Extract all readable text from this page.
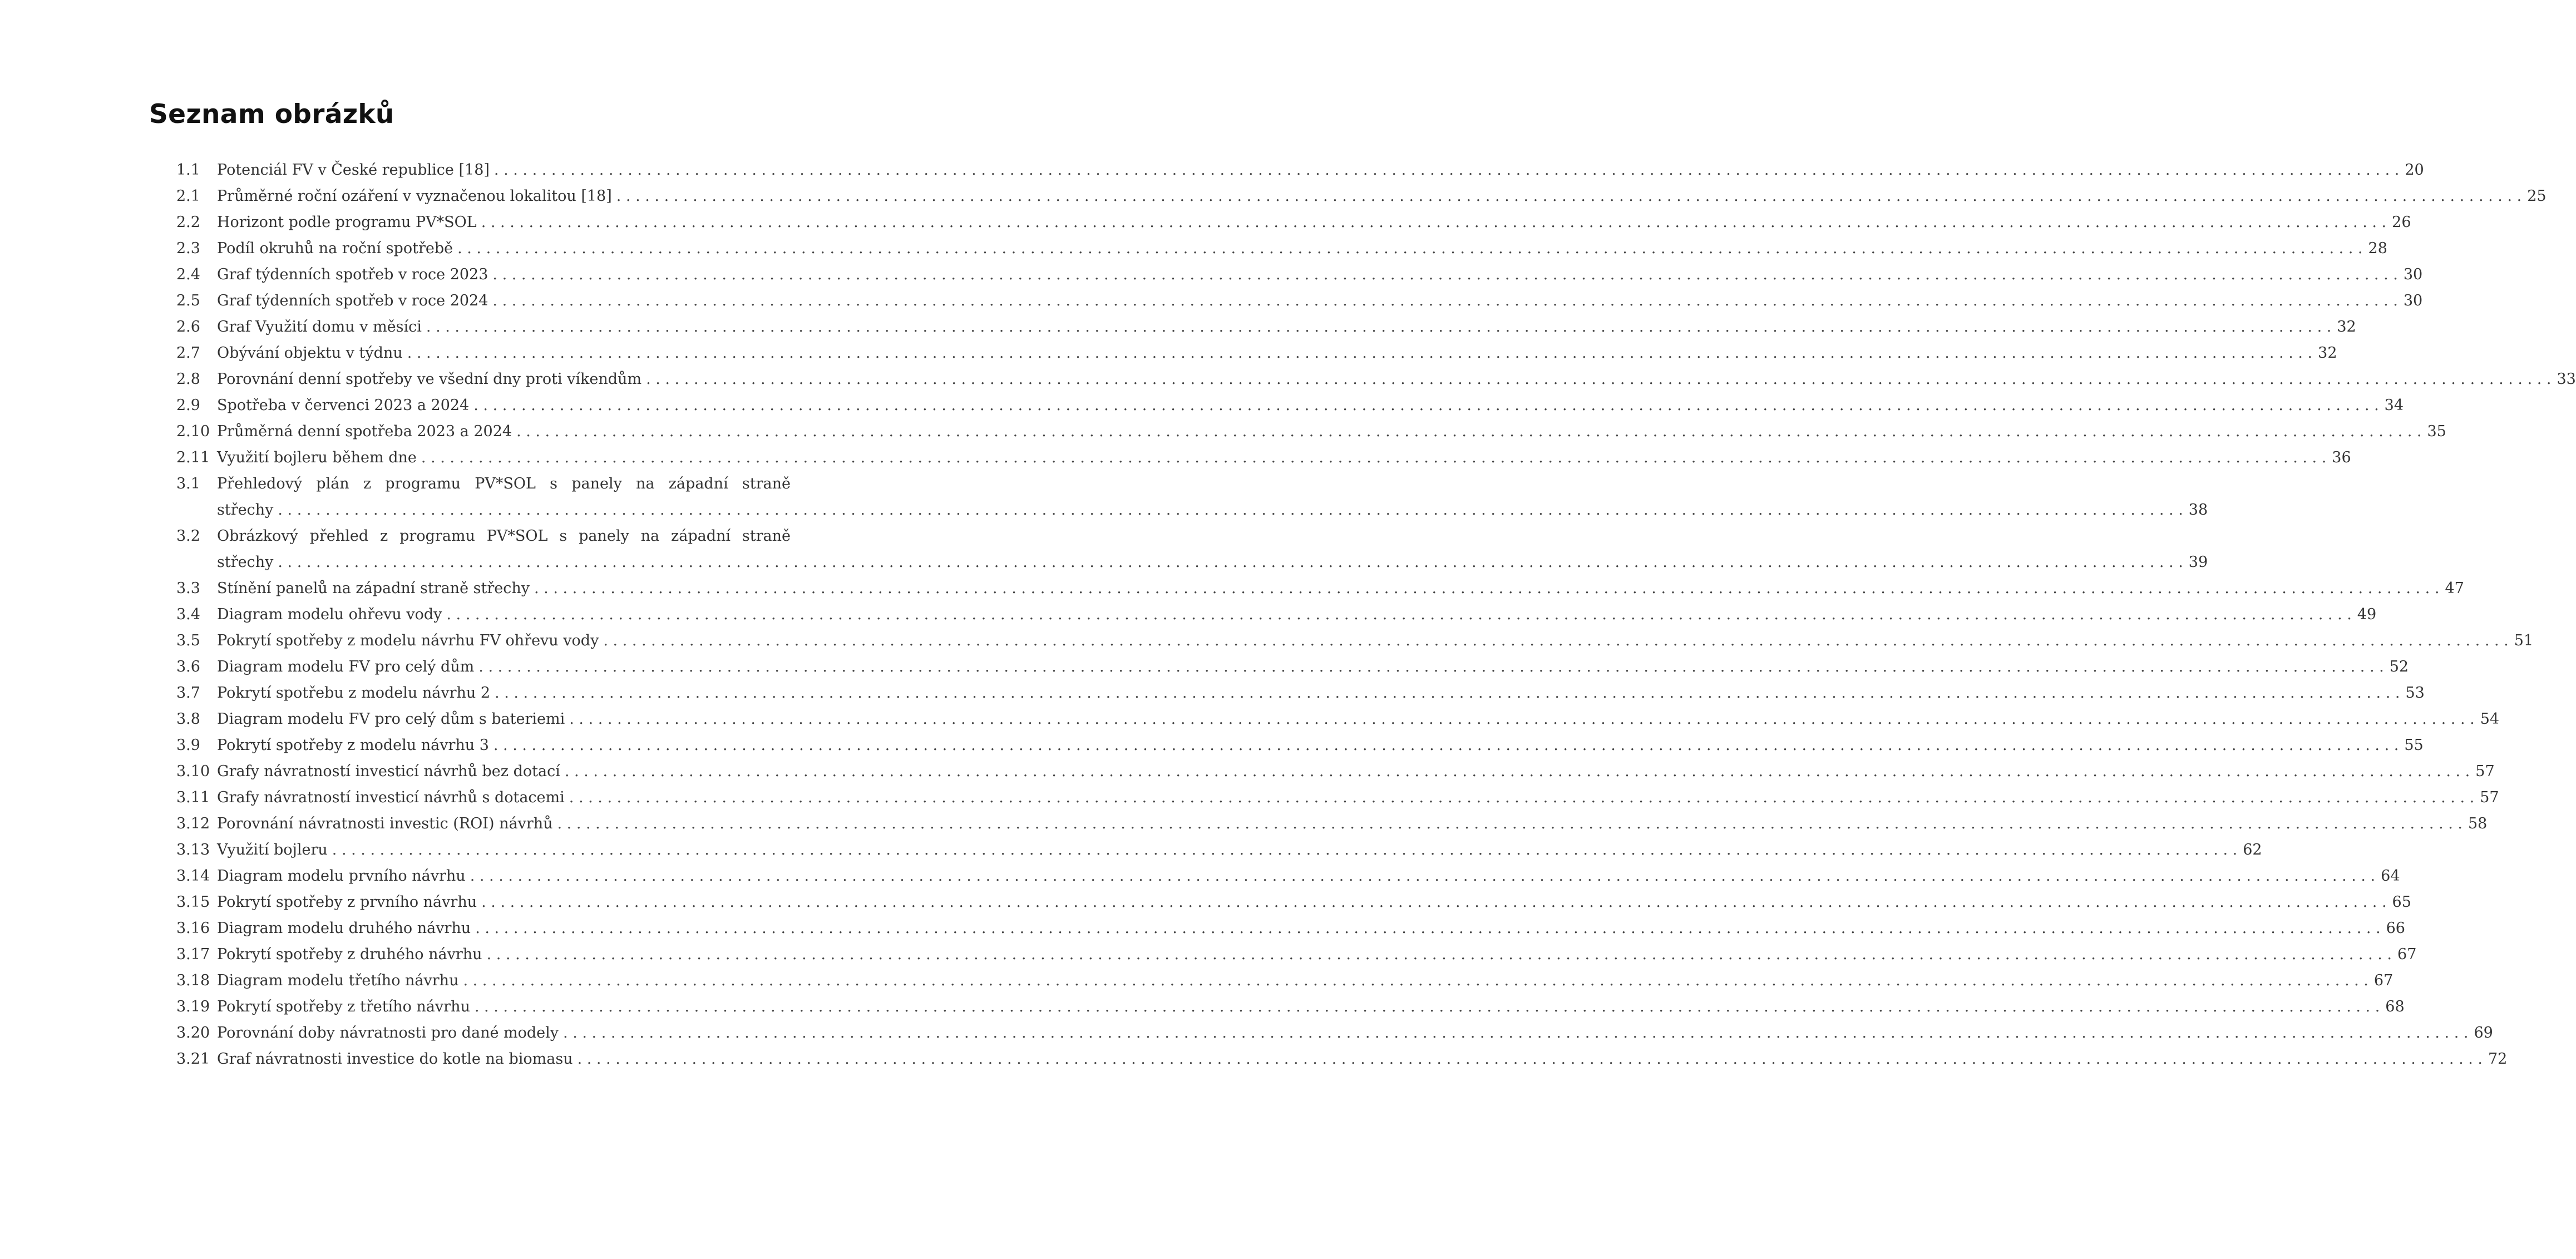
Seznam obrázků
1.1 Potenciál FV v České republice [18] . . . . . . . . . . . . . . . . . . . . . . . . . . . . . . . . . . . . . . . . . . . . . . . . . . . . . . . . . . . . . . . . . . . . . . . . . . . . . . . . . . . . . . . . . . . . . . . . . . . . . . . . . . . . . . . . . . . . . . . . . . . . . . . . . . . . . . . . . . . . . . . . . . . . . . . . . . . . . . . . . . . . . . . . . . . . . . . . . . . . . . . . . . . . . . . . . . . . . . . . 20
2.1 Průměrné roční ozáření v vyznačenou lokalitou [18] . . . . . . . . . . . . . . . . . . . . . . . . . . . . . . . . . . . . . . . . . . . . . . . . . . . . . . . . . . . . . . . . . . . . . . . . . . . . . . . . . . . . . . . . . . . . . . . . . . . . . . . . . . . . . . . . . . . . . . . . . . . . . . . . . . . . . . . . . . . . . . . . . . . . . . . . . . . . . . . . . . . . . . . . . . . . . . . . . . . . . . . . . . . . . . . . . . . . . . . . 25
2.2 Horizont podle programu PV*SOL . . . . . . . . . . . . . . . . . . . . . . . . . . . . . . . . . . . . . . . . . . . . . . . . . . . . . . . . . . . . . . . . . . . . . . . . . . . . . . . . . . . . . . . . . . . . . . . . . . . . . . . . . . . . . . . . . . . . . . . . . . . . . . . . . . . . . . . . . . . . . . . . . . . . . . . . . . . . . . . . . . . . . . . . . . . . . . . . . . . . . . . . . . . . . . . . . . . . . . . . 26
2.3 Podíl okruhů na roční spotřebě . . . . . . . . . . . . . . . . . . . . . . . . . . . . . . . . . . . . . . . . . . . . . . . . . . . . . . . . . . . . . . . . . . . . . . . . . . . . . . . . . . . . . . . . . . . . . . . . . . . . . . . . . . . . . . . . . . . . . . . . . . . . . . . . . . . . . . . . . . . . . . . . . . . . . . . . . . . . . . . . . . . . . . . . . . . . . . . . . . . . . . . . . . . . . . . . . . . . . . . . 28
2.4 Graf týdenních spotřeb v roce 2023 . . . . . . . . . . . . . . . . . . . . . . . . . . . . . . . . . . . . . . . . . . . . . . . . . . . . . . . . . . . . . . . . . . . . . . . . . . . . . . . . . . . . . . . . . . . . . . . . . . . . . . . . . . . . . . . . . . . . . . . . . . . . . . . . . . . . . . . . . . . . . . . . . . . . . . . . . . . . . . . . . . . . . . . . . . . . . . . . . . . . . . . . . . . . . . . . . . . . . . . . 30
2.5 Graf týdenních spotřeb v roce 2024 . . . . . . . . . . . . . . . . . . . . . . . . . . . . . . . . . . . . . . . . . . . . . . . . . . . . . . . . . . . . . . . . . . . . . . . . . . . . . . . . . . . . . . . . . . . . . . . . . . . . . . . . . . . . . . . . . . . . . . . . . . . . . . . . . . . . . . . . . . . . . . . . . . . . . . . . . . . . . . . . . . . . . . . . . . . . . . . . . . . . . . . . . . . . . . . . . . . . . . . . 30
2.6 Graf Využití domu v měsíci . . . . . . . . . . . . . . . . . . . . . . . . . . . . . . . . . . . . . . . . . . . . . . . . . . . . . . . . . . . . . . . . . . . . . . . . . . . . . . . . . . . . . . . . . . . . . . . . . . . . . . . . . . . . . . . . . . . . . . . . . . . . . . . . . . . . . . . . . . . . . . . . . . . . . . . . . . . . . . . . . . . . . . . . . . . . . . . . . . . . . . . . . . . . . . . . . . . . . . . . 32
2.7 Obývání objektu v týdnu . . . . . . . . . . . . . . . . . . . . . . . . . . . . . . . . . . . . . . . . . . . . . . . . . . . . . . . . . . . . . . . . . . . . . . . . . . . . . . . . . . . . . . . . . . . . . . . . . . . . . . . . . . . . . . . . . . . . . . . . . . . . . . . . . . . . . . . . . . . . . . . . . . . . . . . . . . . . . . . . . . . . . . . . . . . . . . . . . . . . . . . . . . . . . . . . . . . . . . . . 32
2.8 Porovnání denní spotřeby ve všední dny proti víkendům . . . . . . . . . . . . . . . . . . . . . . . . . . . . . . . . . . . . . . . . . . . . . . . . . . . . . . . . . . . . . . . . . . . . . . . . . . . . . . . . . . . . . . . . . . . . . . . . . . . . . . . . . . . . . . . . . . . . . . . . . . . . . . . . . . . . . . . . . . . . . . . . . . . . . . . . . . . . . . . . . . . . . . . . . . . . . . . . . . . . . . . . . . . . . . . . . . . . . . . . 33
2.9 Spotřeba v červenci 2023 a 2024 . . . . . . . . . . . . . . . . . . . . . . . . . . . . . . . . . . . . . . . . . . . . . . . . . . . . . . . . . . . . . . . . . . . . . . . . . . . . . . . . . . . . . . . . . . . . . . . . . . . . . . . . . . . . . . . . . . . . . . . . . . . . . . . . . . . . . . . . . . . . . . . . . . . . . . . . . . . . . . . . . . . . . . . . . . . . . . . . . . . . . . . . . . . . . . . . . . . . . . . . 34
2.10 Průměrná denní spotřeba 2023 a 2024 . . . . . . . . . . . . . . . . . . . . . . . . . . . . . . . . . . . . . . . . . . . . . . . . . . . . . . . . . . . . . . . . . . . . . . . . . . . . . . . . . . . . . . . . . . . . . . . . . . . . . . . . . . . . . . . . . . . . . . . . . . . . . . . . . . . . . . . . . . . . . . . . . . . . . . . . . . . . . . . . . . . . . . . . . . . . . . . . . . . . . . . . . . . . . . . . . . . . . . . . 35
2.11 Využití bojleru během dne . . . . . . . . . . . . . . . . . . . . . . . . . . . . . . . . . . . . . . . . . . . . . . . . . . . . . . . . . . . . . . . . . . . . . . . . . . . . . . . . . . . . . . . . . . . . . . . . . . . . . . . . . . . . . . . . . . . . . . . . . . . . . . . . . . . . . . . . . . . . . . . . . . . . . . . . . . . . . . . . . . . . . . . . . . . . . . . . . . . . . . . . . . . . . . . . . . . . . . . . 36
3.1 Přehledový plán z programu PV*SOL s panely na západní straně
střechy . . . . . . . . . . . . . . . . . . . . . . . . . . . . . . . . . . . . . . . . . . . . . . . . . . . . . . . . . . . . . . . . . . . . . . . . . . . . . . . . . . . . . . . . . . . . . . . . . . . . . . . . . . . . . . . . . . . . . . . . . . . . . . . . . . . . . . . . . . . . . . . . . . . . . . . . . . . . . . . . . . . . . . . . . . . . . . . . . . . . . . . . . . . . . . . . . . . . . . . . 38
3.2 Obrázkový přehled z programu PV*SOL s panely na západní straně
střechy . . . . . . . . . . . . . . . . . . . . . . . . . . . . . . . . . . . . . . . . . . . . . . . . . . . . . . . . . . . . . . . . . . . . . . . . . . . . . . . . . . . . . . . . . . . . . . . . . . . . . . . . . . . . . . . . . . . . . . . . . . . . . . . . . . . . . . . . . . . . . . . . . . . . . . . . . . . . . . . . . . . . . . . . . . . . . . . . . . . . . . . . . . . . . . . . . . . . . . . . 39
3.3 Stínění panelů na západní straně střechy . . . . . . . . . . . . . . . . . . . . . . . . . . . . . . . . . . . . . . . . . . . . . . . . . . . . . . . . . . . . . . . . . . . . . . . . . . . . . . . . . . . . . . . . . . . . . . . . . . . . . . . . . . . . . . . . . . . . . . . . . . . . . . . . . . . . . . . . . . . . . . . . . . . . . . . . . . . . . . . . . . . . . . . . . . . . . . . . . . . . . . . . . . . . . . . . . . . . . . . . 47
3.4 Diagram modelu ohřevu vody . . . . . . . . . . . . . . . . . . . . . . . . . . . . . . . . . . . . . . . . . . . . . . . . . . . . . . . . . . . . . . . . . . . . . . . . . . . . . . . . . . . . . . . . . . . . . . . . . . . . . . . . . . . . . . . . . . . . . . . . . . . . . . . . . . . . . . . . . . . . . . . . . . . . . . . . . . . . . . . . . . . . . . . . . . . . . . . . . . . . . . . . . . . . . . . . . . . . . . . . 49
3.5 Pokrytí spotřeby z modelu návrhu FV ohřevu vody . . . . . . . . . . . . . . . . . . . . . . . . . . . . . . . . . . . . . . . . . . . . . . . . . . . . . . . . . . . . . . . . . . . . . . . . . . . . . . . . . . . . . . . . . . . . . . . . . . . . . . . . . . . . . . . . . . . . . . . . . . . . . . . . . . . . . . . . . . . . . . . . . . . . . . . . . . . . . . . . . . . . . . . . . . . . . . . . . . . . . . . . . . . . . . . . . . . . . . . . 51
3.6 Diagram modelu FV pro celý dům . . . . . . . . . . . . . . . . . . . . . . . . . . . . . . . . . . . . . . . . . . . . . . . . . . . . . . . . . . . . . . . . . . . . . . . . . . . . . . . . . . . . . . . . . . . . . . . . . . . . . . . . . . . . . . . . . . . . . . . . . . . . . . . . . . . . . . . . . . . . . . . . . . . . . . . . . . . . . . . . . . . . . . . . . . . . . . . . . . . . . . . . . . . . . . . . . . . . . . . . 52
3.7 Pokrytí spotřebu z modelu návrhu 2 . . . . . . . . . . . . . . . . . . . . . . . . . . . . . . . . . . . . . . . . . . . . . . . . . . . . . . . . . . . . . . . . . . . . . . . . . . . . . . . . . . . . . . . . . . . . . . . . . . . . . . . . . . . . . . . . . . . . . . . . . . . . . . . . . . . . . . . . . . . . . . . . . . . . . . . . . . . . . . . . . . . . . . . . . . . . . . . . . . . . . . . . . . . . . . . . . . . . . . . . 53
3.8 Diagram modelu FV pro celý dům s bateriemi . . . . . . . . . . . . . . . . . . . . . . . . . . . . . . . . . . . . . . . . . . . . . . . . . . . . . . . . . . . . . . . . . . . . . . . . . . . . . . . . . . . . . . . . . . . . . . . . . . . . . . . . . . . . . . . . . . . . . . . . . . . . . . . . . . . . . . . . . . . . . . . . . . . . . . . . . . . . . . . . . . . . . . . . . . . . . . . . . . . . . . . . . . . . . . . . . . . . . . . . 54
3.9 Pokrytí spotřeby z modelu návrhu 3 . . . . . . . . . . . . . . . . . . . . . . . . . . . . . . . . . . . . . . . . . . . . . . . . . . . . . . . . . . . . . . . . . . . . . . . . . . . . . . . . . . . . . . . . . . . . . . . . . . . . . . . . . . . . . . . . . . . . . . . . . . . . . . . . . . . . . . . . . . . . . . . . . . . . . . . . . . . . . . . . . . . . . . . . . . . . . . . . . . . . . . . . . . . . . . . . . . . . . . . . 55
3.10 Grafy návratností investicí návrhů bez dotací . . . . . . . . . . . . . . . . . . . . . . . . . . . . . . . . . . . . . . . . . . . . . . . . . . . . . . . . . . . . . . . . . . . . . . . . . . . . . . . . . . . . . . . . . . . . . . . . . . . . . . . . . . . . . . . . . . . . . . . . . . . . . . . . . . . . . . . . . . . . . . . . . . . . . . . . . . . . . . . . . . . . . . . . . . . . . . . . . . . . . . . . . . . . . . . . . . . . . . . . 57
3.11 Grafy návratností investicí návrhů s dotacemi . . . . . . . . . . . . . . . . . . . . . . . . . . . . . . . . . . . . . . . . . . . . . . . . . . . . . . . . . . . . . . . . . . . . . . . . . . . . . . . . . . . . . . . . . . . . . . . . . . . . . . . . . . . . . . . . . . . . . . . . . . . . . . . . . . . . . . . . . . . . . . . . . . . . . . . . . . . . . . . . . . . . . . . . . . . . . . . . . . . . . . . . . . . . . . . . . . . . . . . . 57
3.12 Porovnání návratnosti investic (ROI) návrhů . . . . . . . . . . . . . . . . . . . . . . . . . . . . . . . . . . . . . . . . . . . . . . . . . . . . . . . . . . . . . . . . . . . . . . . . . . . . . . . . . . . . . . . . . . . . . . . . . . . . . . . . . . . . . . . . . . . . . . . . . . . . . . . . . . . . . . . . . . . . . . . . . . . . . . . . . . . . . . . . . . . . . . . . . . . . . . . . . . . . . . . . . . . . . . . . . . . . . . . . 58
3.13 Využití bojleru . . . . . . . . . . . . . . . . . . . . . . . . . . . . . . . . . . . . . . . . . . . . . . . . . . . . . . . . . . . . . . . . . . . . . . . . . . . . . . . . . . . . . . . . . . . . . . . . . . . . . . . . . . . . . . . . . . . . . . . . . . . . . . . . . . . . . . . . . . . . . . . . . . . . . . . . . . . . . . . . . . . . . . . . . . . . . . . . . . . . . . . . . . . . . . . . . . . . . . . . 62
3.14 Diagram modelu prvního návrhu . . . . . . . . . . . . . . . . . . . . . . . . . . . . . . . . . . . . . . . . . . . . . . . . . . . . . . . . . . . . . . . . . . . . . . . . . . . . . . . . . . . . . . . . . . . . . . . . . . . . . . . . . . . . . . . . . . . . . . . . . . . . . . . . . . . . . . . . . . . . . . . . . . . . . . . . . . . . . . . . . . . . . . . . . . . . . . . . . . . . . . . . . . . . . . . . . . . . . . . . 64
3.15 Pokrytí spotřeby z prvního návrhu . . . . . . . . . . . . . . . . . . . . . . . . . . . . . . . . . . . . . . . . . . . . . . . . . . . . . . . . . . . . . . . . . . . . . . . . . . . . . . . . . . . . . . . . . . . . . . . . . . . . . . . . . . . . . . . . . . . . . . . . . . . . . . . . . . . . . . . . . . . . . . . . . . . . . . . . . . . . . . . . . . . . . . . . . . . . . . . . . . . . . . . . . . . . . . . . . . . . . . . . 65
3.16 Diagram modelu druhého návrhu . . . . . . . . . . . . . . . . . . . . . . . . . . . . . . . . . . . . . . . . . . . . . . . . . . . . . . . . . . . . . . . . . . . . . . . . . . . . . . . . . . . . . . . . . . . . . . . . . . . . . . . . . . . . . . . . . . . . . . . . . . . . . . . . . . . . . . . . . . . . . . . . . . . . . . . . . . . . . . . . . . . . . . . . . . . . . . . . . . . . . . . . . . . . . . . . . . . . . . . . 66
3.17 Pokrytí spotřeby z druhého návrhu . . . . . . . . . . . . . . . . . . . . . . . . . . . . . . . . . . . . . . . . . . . . . . . . . . . . . . . . . . . . . . . . . . . . . . . . . . . . . . . . . . . . . . . . . . . . . . . . . . . . . . . . . . . . . . . . . . . . . . . . . . . . . . . . . . . . . . . . . . . . . . . . . . . . . . . . . . . . . . . . . . . . . . . . . . . . . . . . . . . . . . . . . . . . . . . . . . . . . . . . 67
3.18 Diagram modelu třetího návrhu . . . . . . . . . . . . . . . . . . . . . . . . . . . . . . . . . . . . . . . . . . . . . . . . . . . . . . . . . . . . . . . . . . . . . . . . . . . . . . . . . . . . . . . . . . . . . . . . . . . . . . . . . . . . . . . . . . . . . . . . . . . . . . . . . . . . . . . . . . . . . . . . . . . . . . . . . . . . . . . . . . . . . . . . . . . . . . . . . . . . . . . . . . . . . . . . . . . . . . . . 67
3.19 Pokrytí spotřeby z třetího návrhu . . . . . . . . . . . . . . . . . . . . . . . . . . . . . . . . . . . . . . . . . . . . . . . . . . . . . . . . . . . . . . . . . . . . . . . . . . . . . . . . . . . . . . . . . . . . . . . . . . . . . . . . . . . . . . . . . . . . . . . . . . . . . . . . . . . . . . . . . . . . . . . . . . . . . . . . . . . . . . . . . . . . . . . . . . . . . . . . . . . . . . . . . . . . . . . . . . . . . . . . 68
3.20 Porovnání doby návratnosti pro dané modely . . . . . . . . . . . . . . . . . . . . . . . . . . . . . . . . . . . . . . . . . . . . . . . . . . . . . . . . . . . . . . . . . . . . . . . . . . . . . . . . . . . . . . . . . . . . . . . . . . . . . . . . . . . . . . . . . . . . . . . . . . . . . . . . . . . . . . . . . . . . . . . . . . . . . . . . . . . . . . . . . . . . . . . . . . . . . . . . . . . . . . . . . . . . . . . . . . . . . . . . 69
3.21 Graf návratnosti investice do kotle na biomasu . . . . . . . . . . . . . . . . . . . . . . . . . . . . . . . . . . . . . . . . . . . . . . . . . . . . . . . . . . . . . . . . . . . . . . . . . . . . . . . . . . . . . . . . . . . . . . . . . . . . . . . . . . . . . . . . . . . . . . . . . . . . . . . . . . . . . . . . . . . . . . . . . . . . . . . . . . . . . . . . . . . . . . . . . . . . . . . . . . . . . . . . . . . . . . . . . . . . . . . . 72
